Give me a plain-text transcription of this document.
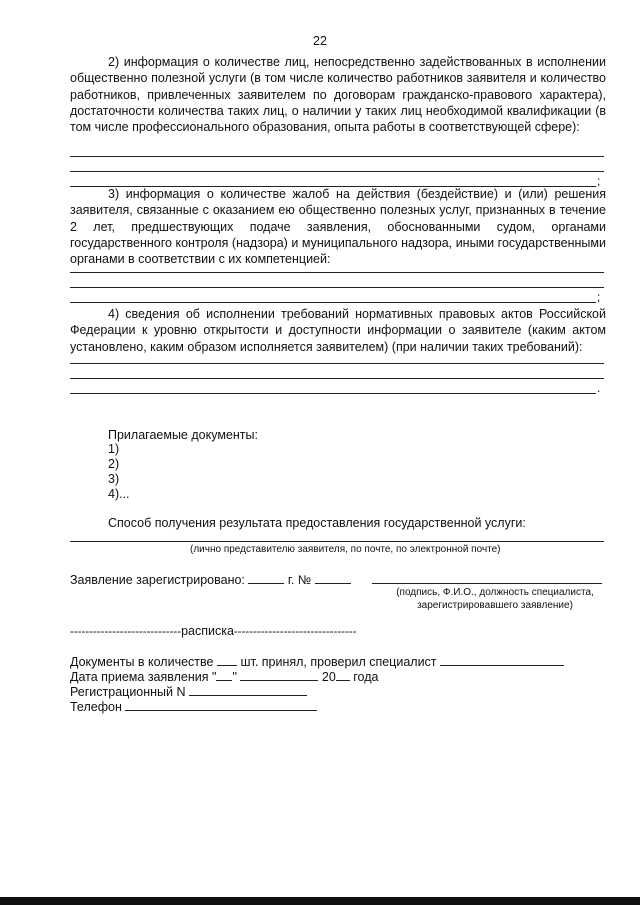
22

2) информация о количестве лиц, непосредственно задействованных в исполнении общественно полезной услуги (в том числе количество работников заявителя и количество работников, привлеченных заявителем по договорам гражданско-правового характера), достаточности количества таких лиц, о наличии у таких лиц необходимой квалификации (в том числе профессионального образования, опыта работы в соответствующей сфере):

;

3) информация о количестве жалоб на действия (бездействие) и (или) решения заявителя, связанные с оказанием ею общественно полезных услуг, признанных в течение 2 лет, предшествующих подаче заявления, обоснованными судом, органами государственного контроля (надзора) и муниципального надзора, иными государственными органами в соответствии с их компетенцией:

;

4) сведения об исполнении требований нормативных правовых актов Российской Федерации к уровню открытости и доступности информации о заявителе (каким актом установлено, каким образом исполняется заявителем) (при наличии таких требований):

.
Прилагаемые документы:
1)
2)
3)
4)...
Способ получения результата предоставления государственной услуги:
(лично представителю заявителя, по почте, по электронной почте)
Заявление зарегистрировано:	г. №
(подпись, Ф.И.О., должность специалиста, зарегистрировавшего заявление)
-----------------------------расписка--------------------------------
Документы в количестве шт. принял, проверил специалист
Дата приема заявления " "	20 года
Регистрационный N
Телефон
